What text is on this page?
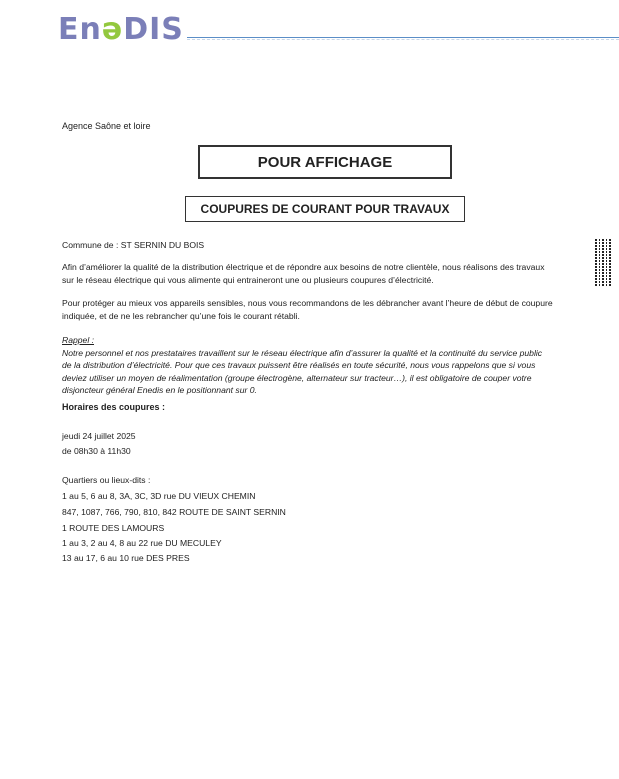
EnəDIS
Agence Saône et loire
POUR AFFICHAGE
COUPURES DE COURANT POUR TRAVAUX
Commune de : ST SERNIN DU BOIS
Afin d’améliorer la qualité de la distribution électrique et de répondre aux besoins de notre clientèle, nous réalisons des travaux
sur le réseau électrique qui vous alimente qui entraineront une ou plusieurs coupures d’électricité.
Pour protéger au mieux vos appareils sensibles, nous vous recommandons de les débrancher avant l’heure de début de coupure
indiquée, et de ne les rebrancher qu’une fois le courant rétabli.
Rappel :
Notre personnel et nos prestataires travaillent sur le réseau électrique afin d’assurer la qualité et la continuité du service public
de la distribution d’électricité. Pour que ces travaux puissent être réalisés en toute sécurité, nous vous rappelons que si vous
deviez utiliser un moyen de réalimentation (groupe électrogène, alternateur sur tracteur…), il est obligatoire de couper votre
disjoncteur général Enedis en le positionnant sur 0.
Horaires des coupures :
jeudi 24 juillet 2025
de 08h30 à 11h30
Quartiers ou lieux-dits :
1 au 5, 6 au 8, 3A, 3C, 3D rue DU VIEUX CHEMIN
847, 1087, 766, 790, 810, 842 ROUTE DE SAINT SERNIN
1 ROUTE DES LAMOURS
1 au 3, 2 au 4, 8 au 22 rue DU MECULEY
13 au 17, 6 au 10 rue DES PRES
